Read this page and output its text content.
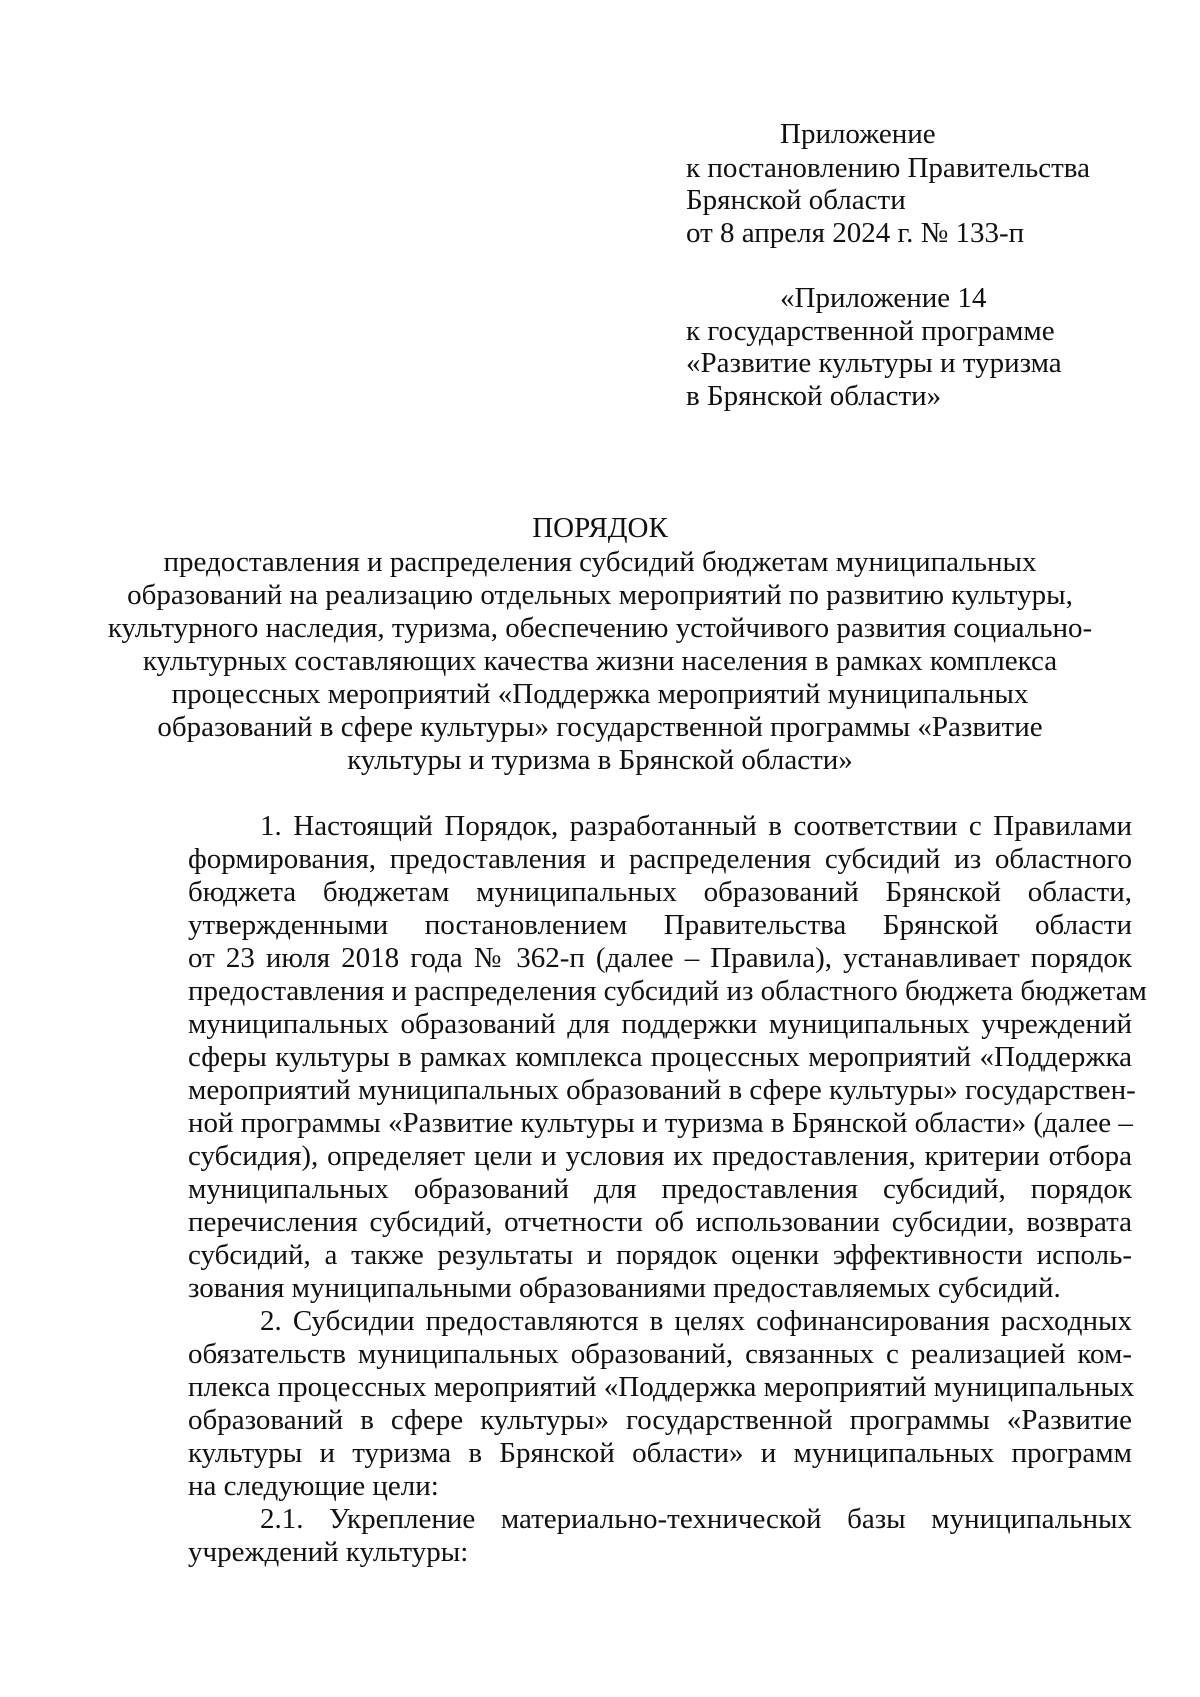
Приложение
к постановлению Правительства
Брянской области
от 8 апреля 2024 г. № 133-п
«Приложение 14
к государственной программе
«Развитие культуры и туризма
в Брянской области»
ПОРЯДОК
предоставления и распределения субсидий бюджетам муниципальных
образований на реализацию отдельных мероприятий по развитию культуры,
культурного наследия, туризма, обеспечению устойчивого развития социально-
культурных составляющих качества жизни населения в рамках комплекса
процессных мероприятий «Поддержка мероприятий муниципальных
образований в сфере культуры» государственной программы «Развитие
культуры и туризма в Брянской области»
1. Настоящий Порядок, разработанный в соответствии с Правилами
формирования, предоставления и распределения субсидий из областного
бюджета бюджетам муниципальных образований Брянской области,
утвержденными постановлением Правительства Брянской области
от 23 июля 2018 года № 362-п (далее – Правила), устанавливает порядок
предоставления и распределения субсидий из областного бюджета бюджетам
муниципальных образований для поддержки муниципальных учреждений
сферы культуры в рамках комплекса процессных мероприятий «Поддержка
мероприятий муниципальных образований в сфере культуры» государствен-
ной программы «Развитие культуры и туризма в Брянской области» (далее –
субсидия), определяет цели и условия их предоставления, критерии отбора
муниципальных образований для предоставления субсидий, порядок
перечисления субсидий, отчетности об использовании субсидии, возврата
субсидий, а также результаты и порядок оценки эффективности исполь-
зования муниципальными образованиями предоставляемых субсидий.
2. Субсидии предоставляются в целях софинансирования расходных
обязательств муниципальных образований, связанных с реализацией ком-
плекса процессных мероприятий «Поддержка мероприятий муниципальных
образований в сфере культуры» государственной программы «Развитие
культуры и туризма в Брянской области» и муниципальных программ
на следующие цели:
2.1. Укрепление материально-технической базы муниципальных
учреждений культуры:
